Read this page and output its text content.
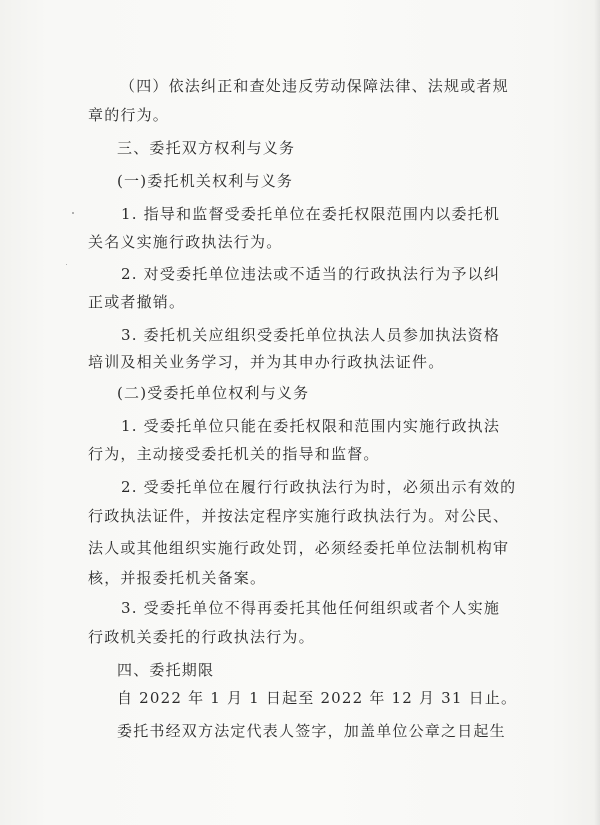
（四）依法纠正和查处违反劳动保障法律、法规或者规
章的行为。
三、委托双方权利与义务
(一)委托机关权利与义务
1. 指导和监督受委托单位在委托权限范围内以委托机
关名义实施行政执法行为。
2. 对受委托单位违法或不适当的行政执法行为予以纠
正或者撤销。
3. 委托机关应组织受委托单位执法人员参加执法资格
培训及相关业务学习，并为其申办行政执法证件。
(二)受委托单位权利与义务
1. 受委托单位只能在委托权限和范围内实施行政执法
行为，主动接受委托机关的指导和监督。
2. 受委托单位在履行行政执法行为时，必须出示有效的
行政执法证件，并按法定程序实施行政执法行为。对公民、
法人或其他组织实施行政处罚，必须经委托单位法制机构审
核，并报委托机关备案。
3. 受委托单位不得再委托其他任何组织或者个人实施
行政机关委托的行政执法行为。
四、委托期限
自 2022 年 1 月 1 日起至 2022 年 12 月 31 日止。
委托书经双方法定代表人签字，加盖单位公章之日起生
